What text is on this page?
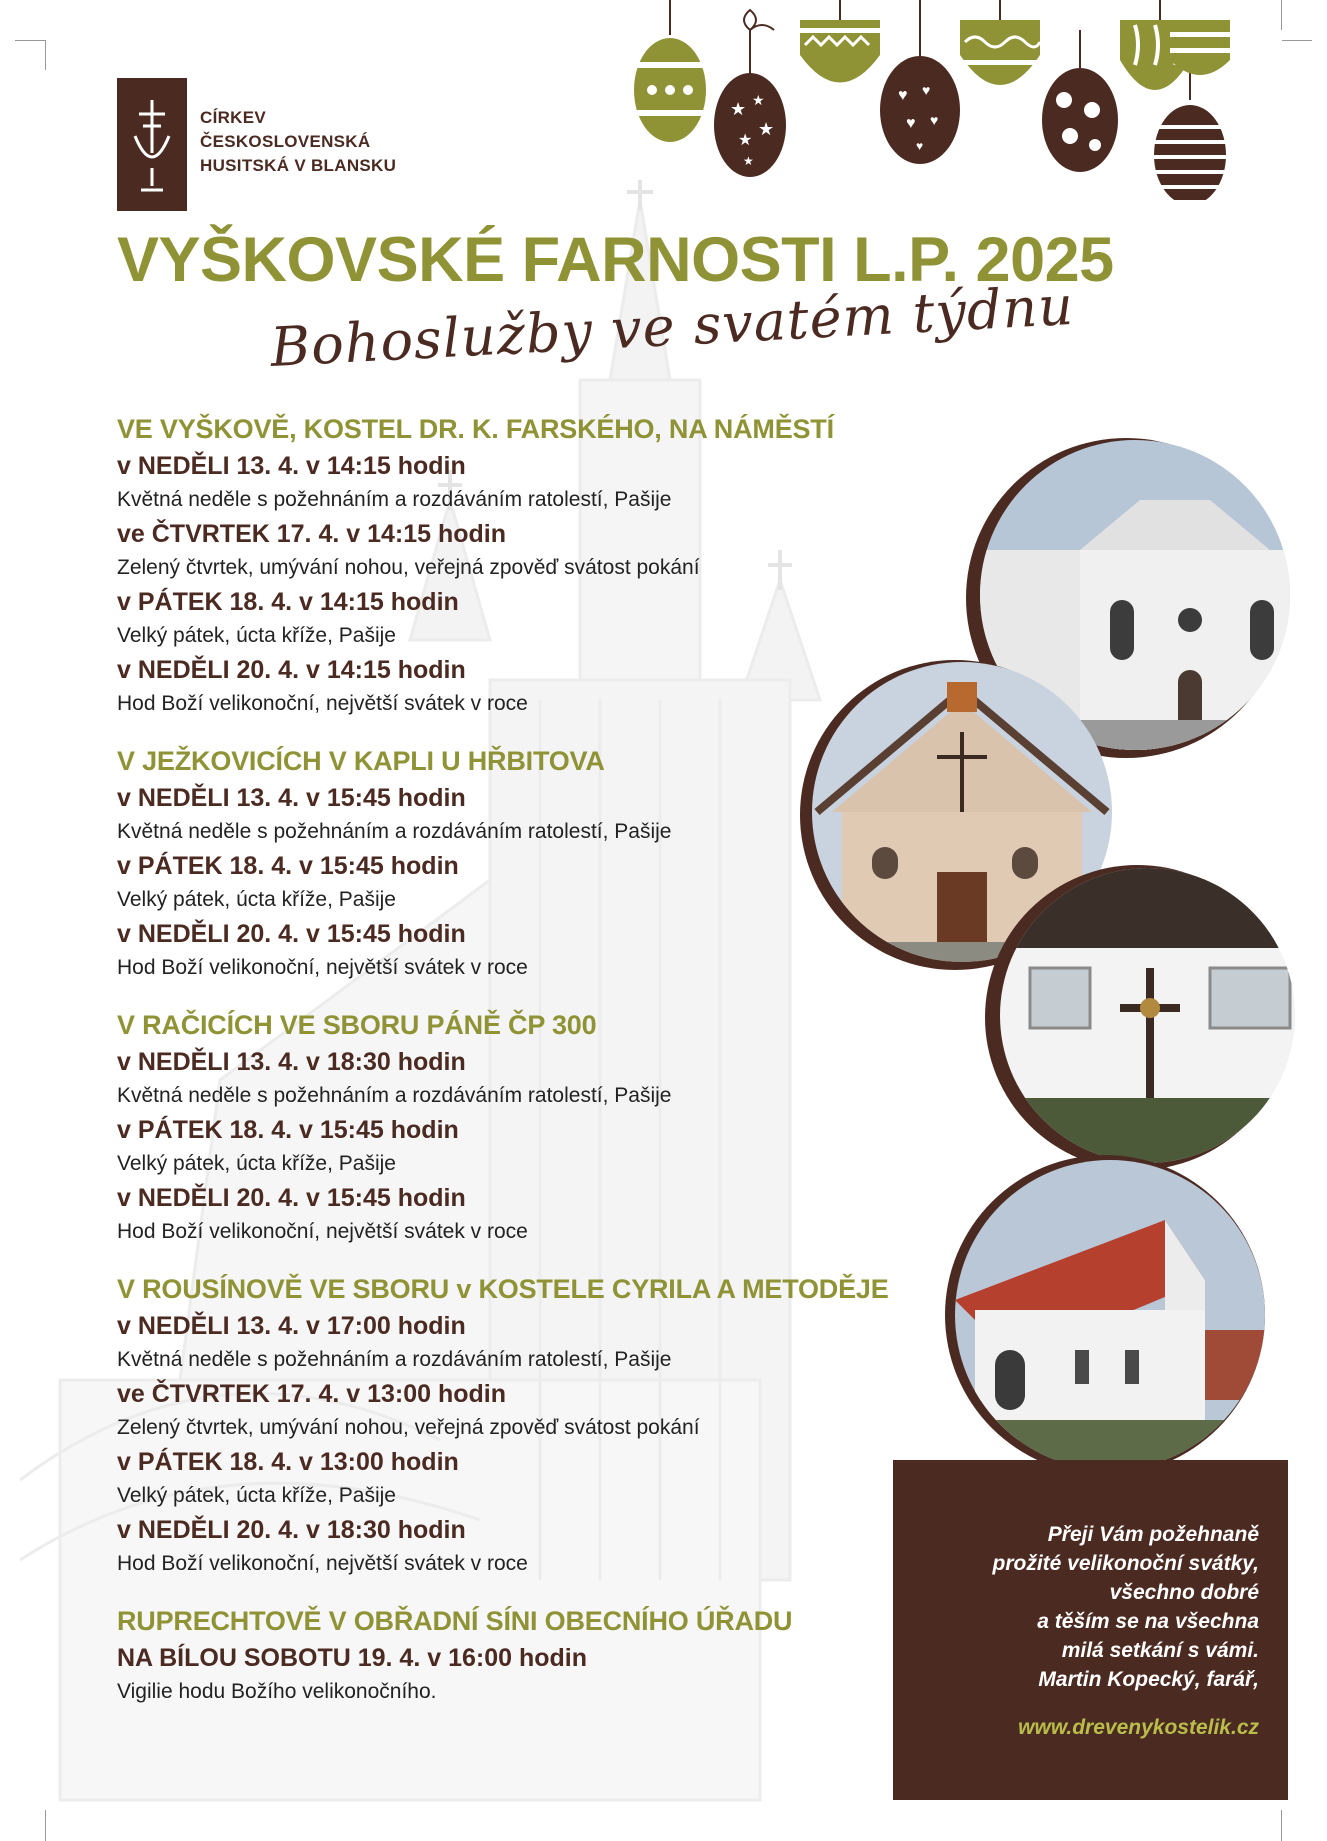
CÍRKEV
ČESKOSLOVENSKÁ
HUSITSKÁ V BLANSKU
★ ★
★
★
★
♥ ♥
♥ ♥
♥
VYŠKOVSKÉ FARNOSTI L.P. 2025
Bohoslužby ve svatém týdnu
VE VYŠKOVĚ, KOSTEL DR. K. FARSKÉHO, NA NÁMĚSTÍ
v NEDĚLI 13. 4. v 14:15 hodin
Květná neděle s požehnáním a rozdáváním ratolestí, Pašije
ve ČTVRTEK 17. 4. v 14:15 hodin
Zelený čtvrtek, umývání nohou, veřejná zpověď svátost pokání
v PÁTEK 18. 4. v 14:15 hodin
Velký pátek, úcta kříže, Pašije
v NEDĚLI 20. 4. v 14:15 hodin
Hod Boží velikonoční, největší svátek v roce
V JEŽKOVICÍCH V KAPLI U HŘBITOVA
v NEDĚLI 13. 4. v 15:45 hodin
Květná neděle s požehnáním a rozdáváním ratolestí, Pašije
v PÁTEK 18. 4. v 15:45 hodin
Velký pátek, úcta kříže, Pašije
v NEDĚLI 20. 4. v 15:45 hodin
Hod Boží velikonoční, největší svátek v roce
V RAČICÍCH VE SBORU PÁNĚ ČP 300
v NEDĚLI 13. 4. v 18:30 hodin
Květná neděle s požehnáním a rozdáváním ratolestí, Pašije
v PÁTEK 18. 4. v 15:45 hodin
Velký pátek, úcta kříže, Pašije
v NEDĚLI 20. 4. v 15:45 hodin
Hod Boží velikonoční, největší svátek v roce
V ROUSÍNOVĚ VE SBORU v KOSTELE CYRILA A METODĚJE
v NEDĚLI 13. 4. v 17:00 hodin
Květná neděle s požehnáním a rozdáváním ratolestí, Pašije
ve ČTVRTEK 17. 4. v 13:00 hodin
Zelený čtvrtek, umývání nohou, veřejná zpověď svátost pokání
v PÁTEK 18. 4. v 13:00 hodin
Velký pátek, úcta kříže, Pašije
v NEDĚLI 20. 4. v 18:30 hodin
Hod Boží velikonoční, největší svátek v roce
RUPRECHTOVĚ V OBŘADNÍ SÍNI OBECNÍHO ÚŘADU
NA BÍLOU SOBOTU 19. 4. v 16:00 hodin
Vigilie hodu Božího velikonočního.
Přeji Vám požehnaně
prožité velikonoční svátky,
všechno dobré
a těším se na všechna
milá setkání s vámi.
Martin Kopecký, farář,
www.drevenykostelik.cz
